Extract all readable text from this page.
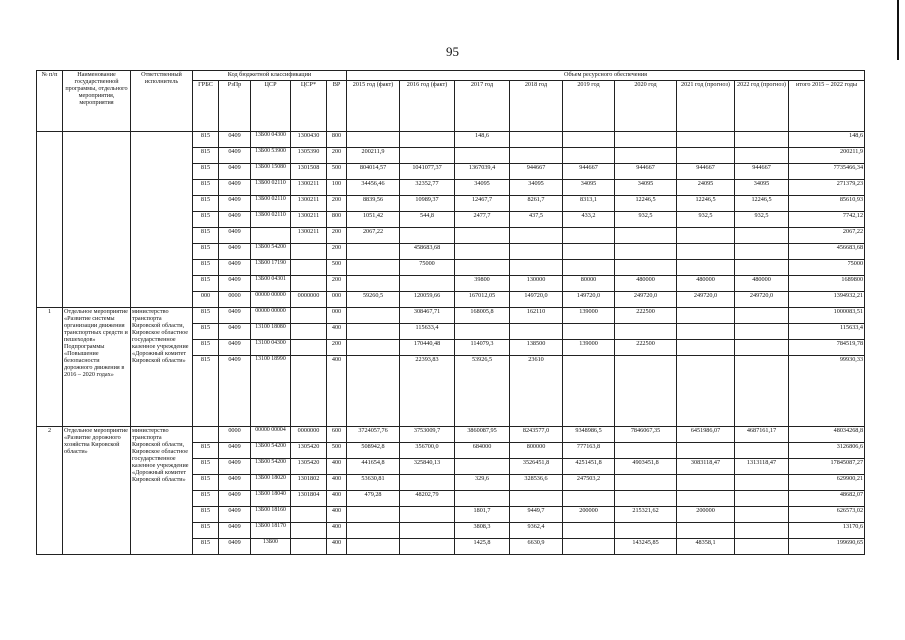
95
№ п/п	Наименование государственной программы, отдельного мероприятия, мероприятия	Ответственный исполнитель	Код бюджетной классификации					Объем ресурсного обеспечения								
			ГРБС	РзПр	ЦСР	ЦСР*	ВР	2015 год (факт)	2016 год (факт)	2017 год	2018 год	2019 год	2020 год	2021 год (прогноз)	2022 год (прогноз)	итого 2015 – 2022 годы
			815	0409	13Б00 04300	1300430	800			148,6						148,6
			815	0409	13Б00 53900	1305390	200	200211,9								200211,9
			815	0409	13Б00 15080	1301508	500	804014,57	1041077,37	1367039,4	944667	944667	944667	944667	944667	7735466,34
			815	0409	13Б00 02110	1300211	100	34456,46	32352,77	34095	34095	34095	34095	24095	34095	271379,23
			815	0409	13Б00 02110	1300211	200	8839,56	10989,37	12467,7	8261,7	8313,1	12246,5	12246,5	12246,5	85610,93
			815	0409	13Б00 02110	1300211	800	1051,42	544,8	2477,7	437,5	433,2	932,5	932,5	932,5	7742,12
			815	0409		1300211	200	2067,22								2067,22
			815	0409	13Б00 54200		200		458683,68							456683,68
			815	0409	13Б00 17190		500		75000							75000
			815	0409	13Б00 04301		200			39800	130000	80000	480000	480000	480000	1689800
			000	0000	00000 00000	0000000	000	59260,5	120059,66	167012,05	149720,0	149720,0	249720,0	249720,0	249720,0	1394932,21
1	Отдельное мероприятие «Развитие системы организации движения транспортных средств и пешеходов» Подпрограммы «Повышение безопасности дорожного движения в 2016 – 2020 годах»	министерство транспорта Кировской области, Кировское областное государственное казенное учреждение «Дорожный комитет Кировской области»	815	0409	00000 00000		000		308467,71	168005,8	162110	139000	222500			1000083,51
			815	0409	13100 18080		400		115633,4							115633,4
			815	0409	13100 04300		200		170440,48	114079,3	138500	139000	222500			784519,78
			815	0409	13100 18990		400		22393,83	53926,5	23610					99930,33
2	Отдельное мероприятие «Развитие дорожного хозяйства Кировской области»	министерство транспорта Кировской области, Кировское областное государственное казенное учреждение «Дорожный комитет Кировской области»		0000	00000 00004	0000000	600	3724057,76	3753009,7	3860087,95	8243577,0	9348986,5	7846067,35	6451986,07	4687161,17	48034268,8
			815	0409	13Б00 54200	1305420	500	508942,8	356700,0	684000	800000	777163,8				3126806,6
			815	0409	13Б00 54200	1305420	400	441654,8	325840,13		3526451,8	4251451,8	4903451,8	3083118,47	1313118,47	17845087,27
			815	0409	13Б00 18020	1301802	400	53630,81		329,6	328536,6	247503,2				629900,21
			815	0409	13Б00 18040	1301804	400	479,28	48202,79							48682,07
			815	0409	13Б00 18160		400			1801,7	9449,7	200000	215321,62	200000		626573,02
			815	0409	13Б00 18170		400			3808,3	9362,4					13170,6
			815	0409	13Б00		400			1425,8	6630,9		143245,85	48358,1		199690,65
